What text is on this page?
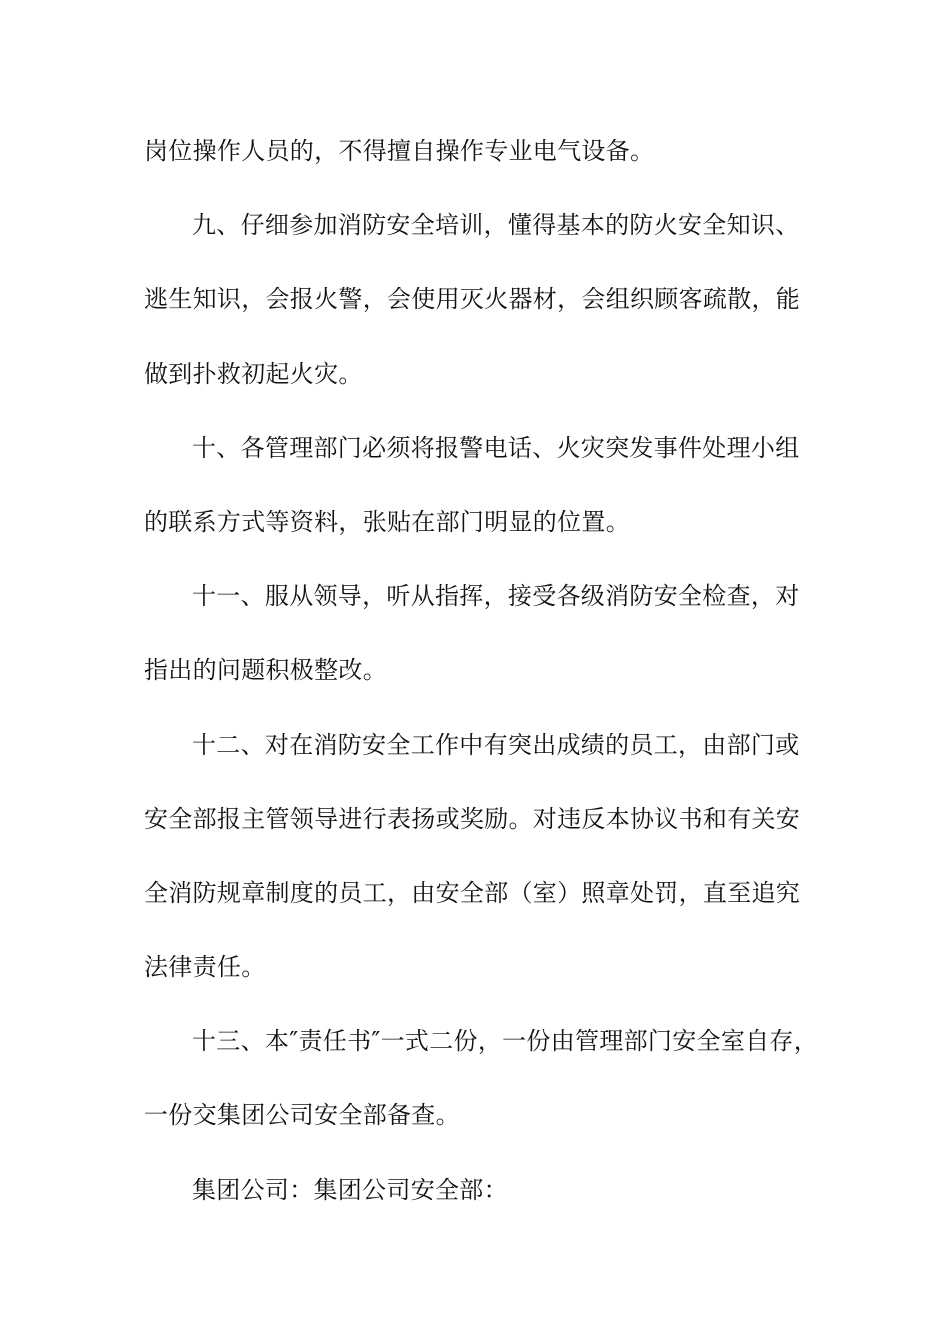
岗位操作人员的，不得擅自操作专业电气设备。
九、仔细参加消防安全培训，懂得基本的防火安全知识、
逃生知识，会报火警，会使用灭火器材，会组织顾客疏散，能
做到扑救初起火灾。
十、各管理部门必须将报警电话、火灾突发事件处理小组
的联系方式等资料，张贴在部门明显的位置。
十一、服从领导，听从指挥，接受各级消防安全检查，对
指出的问题积极整改。
十二、对在消防安全工作中有突出成绩的员工，由部门或
安全部报主管领导进行表扬或奖励。对违反本协议书和有关安
全消防规章制度的员工，由安全部（室）照章处罚，直至追究
法律责任。
十三、本″责任书″一式二份，一份由管理部门安全室自存，
一份交集团公司安全部备查。
集团公司：集团公司安全部：
